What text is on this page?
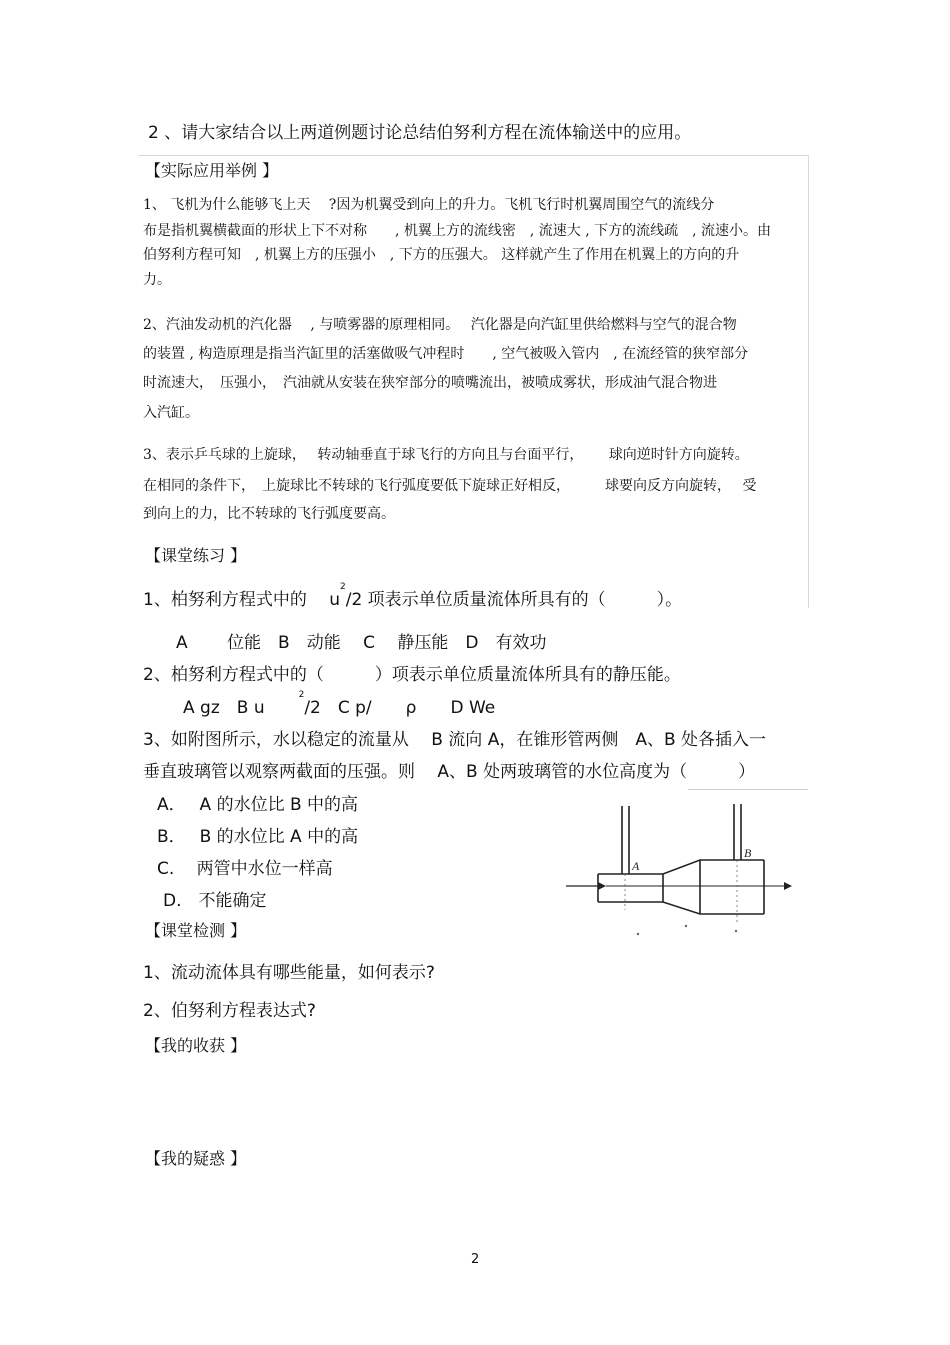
2 、请大家结合以上两道例题讨论总结伯努利方程在流体输送中的应用。
【实际应用举例 】
1、 飞机为什么能够飞上天　 ?因为机翼受到向上的升力。飞机飞行时机翼周围空气的流线分
布是指机翼横截面的形状上下不对称　　, 机翼上方的流线密　, 流速大 , 下方的流线疏　, 流速小。由
伯努利方程可知　, 机翼上方的压强小　, 下方的压强大。 这样就产生了作用在机翼上的方向的升
力。
2、汽油发动机的汽化器　 , 与喷雾器的原理相同。　 汽化器是向汽缸里供给燃料与空气的混合物
的装置 , 构造原理是指当汽缸里的活塞做吸气冲程时　　, 空气被吸入管内　, 在流经管的狭窄部分
时流速大，　压强小，　汽油就从安装在狭窄部分的喷嘴流出，被喷成雾状，形成油气混合物进
入汽缸。
3、表示乒乓球的上旋球，　 转动轴垂直于球飞行的方向且与台面平行，　　 球向逆时针方向旋转。
在相同的条件下，　上旋球比不转球的飞行弧度要低下旋球正好相反，　　　球要向反方向旋转，　 受
到向上的力，比不转球的飞行弧度要高。
【课堂练习 】
1、柏努利方程式中的 　$u^2/2$ 项表示单位质量流体所具有的（　　　）。
A　　 位能　B　动能　 C　 静压能　D　有效功
2、柏努利方程式中的（　　　）项表示单位质量流体所具有的静压能。
A gz　B u　　$^2$/2　C p/　　ρ　　D We
3、如附图所示，水以稳定的流量从　 B 流向 A，在锥形管两侧　A、B 处各插入一
垂直玻璃管以观察两截面的压强。则　 A、B 处两玻璃管的水位高度为（　　　）
A．　 A 的水位比 B 中的高
B．　 B 的水位比 A 中的高
C.　 两管中水位一样高
D.　不能确定
A
B
【课堂检测 】
1、流动流体具有哪些能量，如何表示?
2、伯努利方程表达式?
【我的收获 】
【我的疑惑 】
2
